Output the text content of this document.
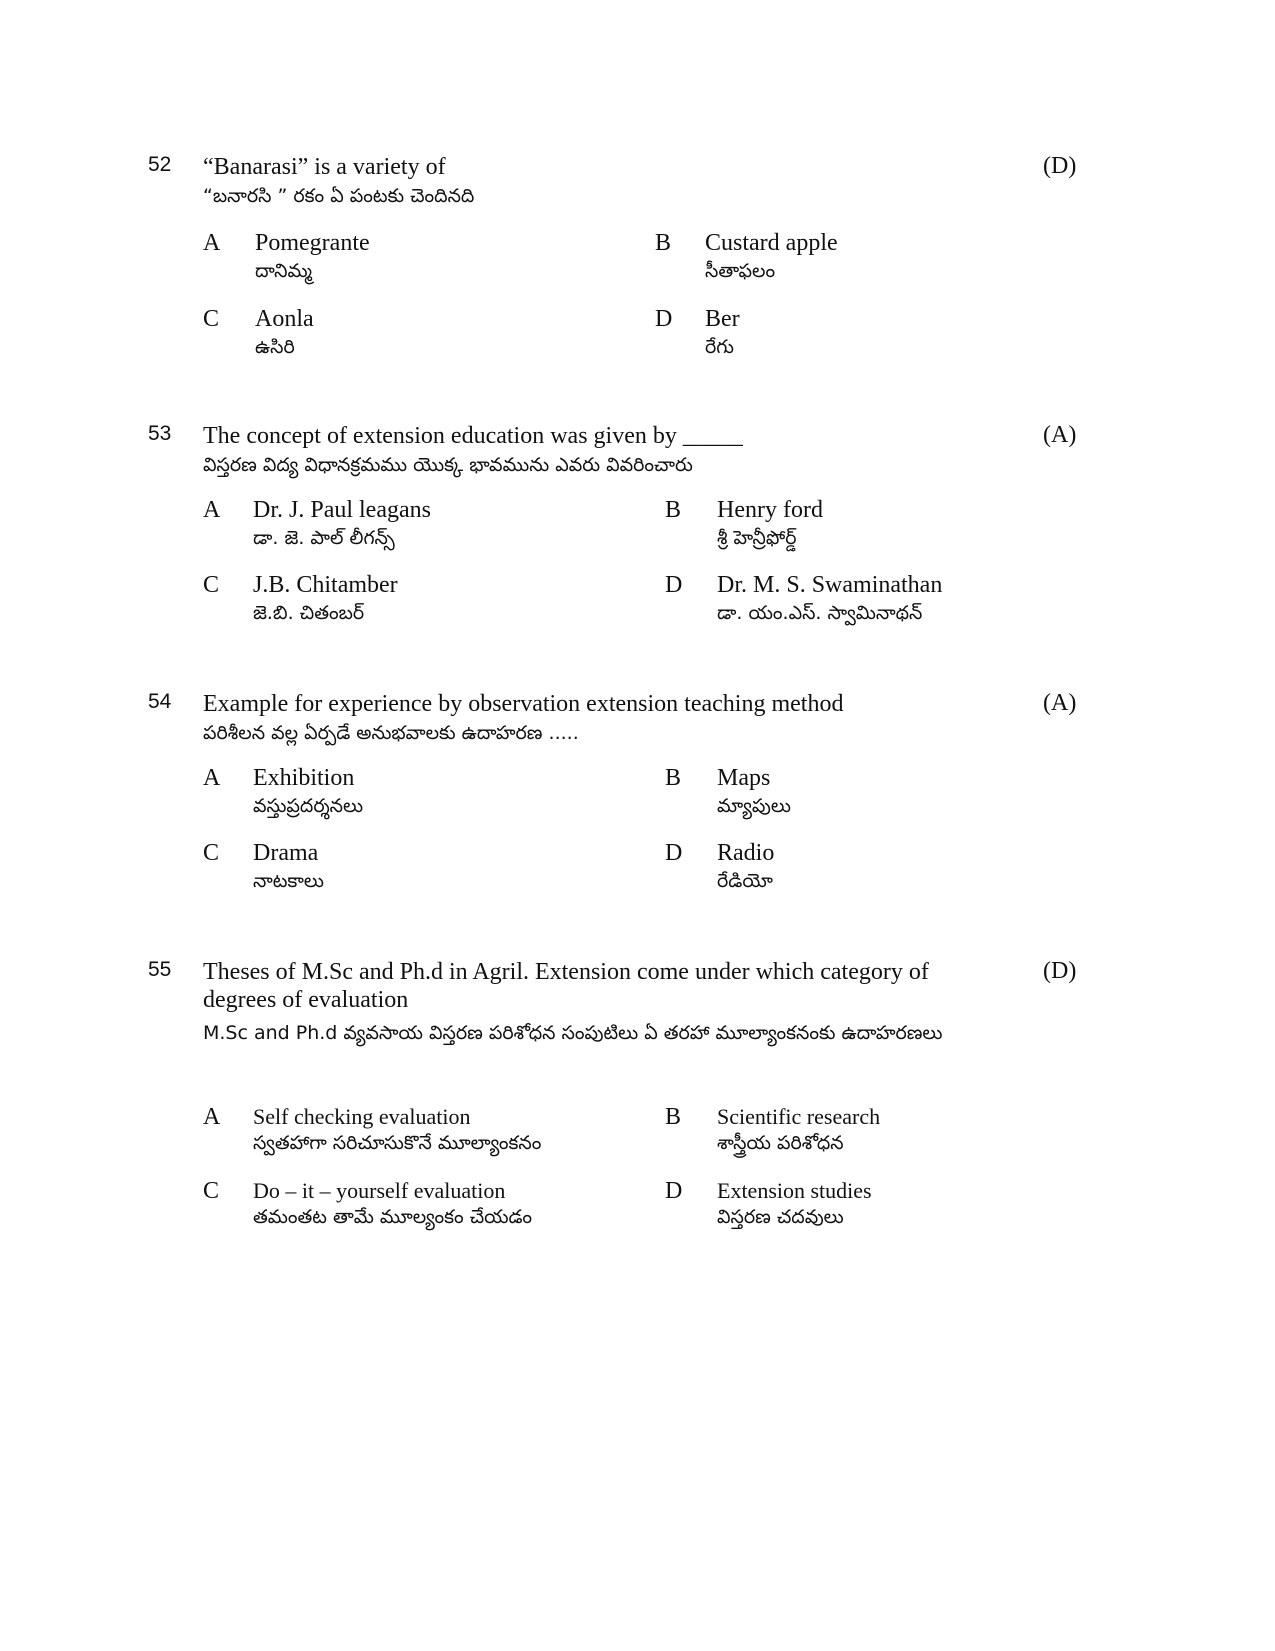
52 “Banarasi” is a variety of
“బనారసి ” రకం ఏ పంటకు చెందినది
(D)
A Pomegrante
దానిమ్మ
B Custard apple
సీతాఫలం
C Aonla
ఉసిరి
D Ber
రేగు
53 The concept of extension education was given by _____
విస్తరణ విద్య విధానక్రమము యొక్క భావమును ఎవరు వివరించారు
(A)
A Dr. J. Paul leagans
డా. జె. పాల్ లీగన్స్
B Henry ford
శ్రీ హెన్రీఫోర్డ్
C J.B. Chitamber
జె.బి. చితంబర్
D Dr. M. S. Swaminathan
డా. యం.ఎస్. స్వామినాథన్
54 Example for experience by observation extension teaching method
పరిశీలన వల్ల ఏర్పడే అనుభవాలకు ఉదాహరణ .....
(A)
A Exhibition
వస్తుప్రదర్శనలు
B Maps
మ్యాపులు
C Drama
నాటకాలు
D Radio
రేడియో
55 Theses of M.Sc and Ph.d in Agril. Extension come under which category of degrees of evaluation
M.Sc and Ph.d వ్యవసాయ విస్తరణ పరిశోధన సంపుటిలు ఏ తరహా మూల్యాంకనంకు ఉదాహరణలు
(D)
A Self checking evaluation
స్వతహాగా సరిచూసుకొనే మూల్యాంకనం
B Scientific research
శాస్త్రీయ పరిశోధన
C Do – it – yourself evaluation
తమంతట తామే మూల్యంకం చేయడం
D Extension studies
విస్తరణ చదవులు
